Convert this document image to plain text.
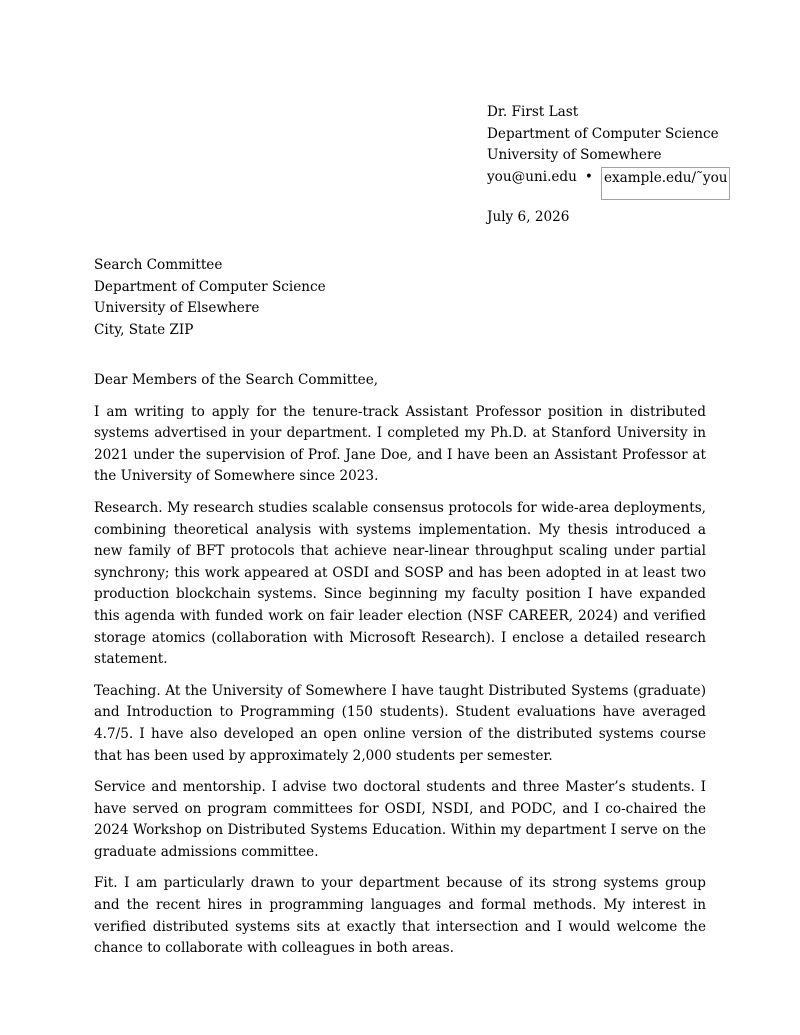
Dr. First Last
Department of Computer Science
University of Somewhere
you@uni.edu • example.edu/˜you
July 6, 2026
Search Committee
Department of Computer Science
University of Elsewhere
City, State ZIP
Dear Members of the Search Committee,

I am writing to apply for the tenure-track Assistant Professor position in distributed systems advertised in your department. I completed my Ph.D. at Stanford University in 2021 under the supervision of Prof. Jane Doe, and I have been an Assistant Professor at the University of Somewhere since 2023.

Research. My research studies scalable consensus protocols for wide-area deployments, combining theoretical analysis with systems implementation. My thesis introduced a new family of BFT protocols that achieve near-linear throughput scaling under partial synchrony; this work appeared at OSDI and SOSP and has been adopted in at least two production blockchain systems. Since beginning my faculty position I have expanded this agenda with funded work on fair leader election (NSF CAREER, 2024) and verified storage atomics (collaboration with Microsoft Research). I enclose a detailed research statement.

Teaching. At the University of Somewhere I have taught Distributed Systems (graduate) and Introduction to Programming (150 students). Student evaluations have averaged 4.7/5. I have also developed an open online version of the distributed systems course that has been used by approximately 2,000 students per semester.

Service and mentorship. I advise two doctoral students and three Master’s students. I have served on program committees for OSDI, NSDI, and PODC, and I co-chaired the 2024 Workshop on Distributed Systems Education. Within my department I serve on the graduate admissions committee.

Fit. I am particularly drawn to your department because of its strong systems group and the recent hires in programming languages and formal methods. My interest in verified distributed systems sits at exactly that intersection and I would welcome the chance to collaborate with colleagues in both areas.
